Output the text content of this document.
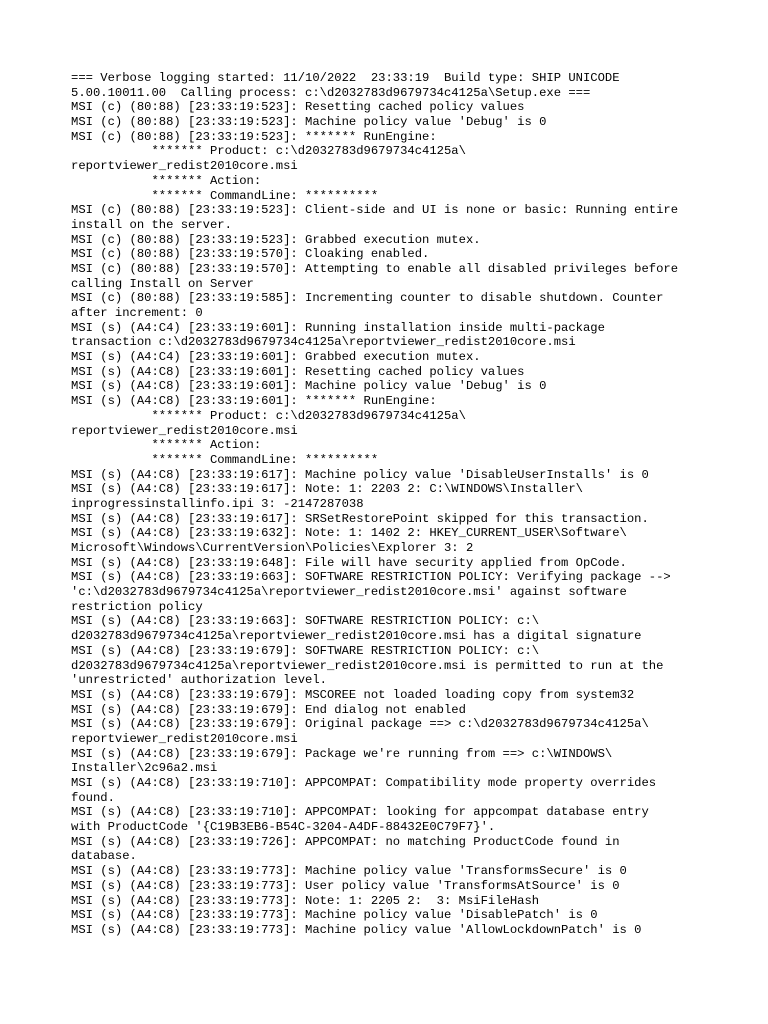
=== Verbose logging started: 11/10/2022  23:33:19  Build type: SHIP UNICODE
5.00.10011.00  Calling process: c:\d2032783d9679734c4125a\Setup.exe ===
MSI (c) (80:88) [23:33:19:523]: Resetting cached policy values
MSI (c) (80:88) [23:33:19:523]: Machine policy value 'Debug' is 0
MSI (c) (80:88) [23:33:19:523]: ******* RunEngine:
******* Product: c:\d2032783d9679734c4125a\
reportviewer_redist2010core.msi
******* Action:
******* CommandLine: **********
MSI (c) (80:88) [23:33:19:523]: Client-side and UI is none or basic: Running entire
install on the server.
MSI (c) (80:88) [23:33:19:523]: Grabbed execution mutex.
MSI (c) (80:88) [23:33:19:570]: Cloaking enabled.
MSI (c) (80:88) [23:33:19:570]: Attempting to enable all disabled privileges before
calling Install on Server
MSI (c) (80:88) [23:33:19:585]: Incrementing counter to disable shutdown. Counter
after increment: 0
MSI (s) (A4:C4) [23:33:19:601]: Running installation inside multi-package
transaction c:\d2032783d9679734c4125a\reportviewer_redist2010core.msi
MSI (s) (A4:C4) [23:33:19:601]: Grabbed execution mutex.
MSI (s) (A4:C8) [23:33:19:601]: Resetting cached policy values
MSI (s) (A4:C8) [23:33:19:601]: Machine policy value 'Debug' is 0
MSI (s) (A4:C8) [23:33:19:601]: ******* RunEngine:
******* Product: c:\d2032783d9679734c4125a\
reportviewer_redist2010core.msi
******* Action:
******* CommandLine: **********
MSI (s) (A4:C8) [23:33:19:617]: Machine policy value 'DisableUserInstalls' is 0
MSI (s) (A4:C8) [23:33:19:617]: Note: 1: 2203 2: C:\WINDOWS\Installer\
inprogressinstallinfo.ipi 3: -2147287038
MSI (s) (A4:C8) [23:33:19:617]: SRSetRestorePoint skipped for this transaction.
MSI (s) (A4:C8) [23:33:19:632]: Note: 1: 1402 2: HKEY_CURRENT_USER\Software\
Microsoft\Windows\CurrentVersion\Policies\Explorer 3: 2
MSI (s) (A4:C8) [23:33:19:648]: File will have security applied from OpCode.
MSI (s) (A4:C8) [23:33:19:663]: SOFTWARE RESTRICTION POLICY: Verifying package -->
'c:\d2032783d9679734c4125a\reportviewer_redist2010core.msi' against software
restriction policy
MSI (s) (A4:C8) [23:33:19:663]: SOFTWARE RESTRICTION POLICY: c:\
d2032783d9679734c4125a\reportviewer_redist2010core.msi has a digital signature
MSI (s) (A4:C8) [23:33:19:679]: SOFTWARE RESTRICTION POLICY: c:\
d2032783d9679734c4125a\reportviewer_redist2010core.msi is permitted to run at the
'unrestricted' authorization level.
MSI (s) (A4:C8) [23:33:19:679]: MSCOREE not loaded loading copy from system32
MSI (s) (A4:C8) [23:33:19:679]: End dialog not enabled
MSI (s) (A4:C8) [23:33:19:679]: Original package ==> c:\d2032783d9679734c4125a\
reportviewer_redist2010core.msi
MSI (s) (A4:C8) [23:33:19:679]: Package we're running from ==> c:\WINDOWS\
Installer\2c96a2.msi
MSI (s) (A4:C8) [23:33:19:710]: APPCOMPAT: Compatibility mode property overrides
found.
MSI (s) (A4:C8) [23:33:19:710]: APPCOMPAT: looking for appcompat database entry
with ProductCode '{C19B3EB6-B54C-3204-A4DF-88432E0C79F7}'.
MSI (s) (A4:C8) [23:33:19:726]: APPCOMPAT: no matching ProductCode found in
database.
MSI (s) (A4:C8) [23:33:19:773]: Machine policy value 'TransformsSecure' is 0
MSI (s) (A4:C8) [23:33:19:773]: User policy value 'TransformsAtSource' is 0
MSI (s) (A4:C8) [23:33:19:773]: Note: 1: 2205 2:  3: MsiFileHash
MSI (s) (A4:C8) [23:33:19:773]: Machine policy value 'DisablePatch' is 0
MSI (s) (A4:C8) [23:33:19:773]: Machine policy value 'AllowLockdownPatch' is 0
